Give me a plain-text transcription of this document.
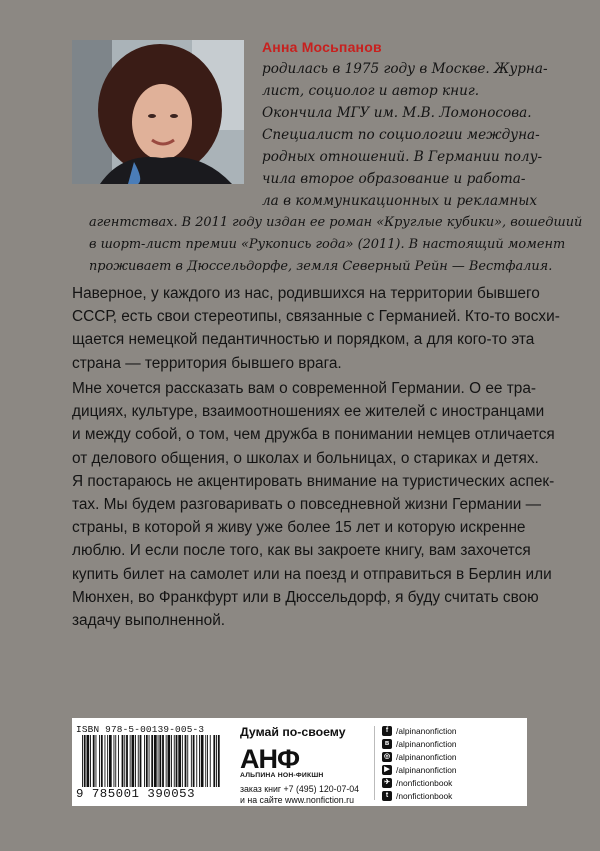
Анна Мосьпанов
родилась в 1975 году в Москве. Журна-
лист, социолог и автор книг.
Окончила МГУ им. М.В. Ломоносова.
Специалист по социологии междуна-
родных отношений. В Германии полу-
чила второе образование и работа-
ла в коммуникационных и рекламных
агентствах. В 2011 году издан ее роман «Круглые кубики», вошедший
в шорт-лист премии «Рукопись года» (2011). В настоящий момент
проживает в Дюссельдорфе, земля Северный Рейн — Вестфалия.
Наверное, у каждого из нас, родившихся на территории бывшего
СССР, есть свои стереотипы, связанные с Германией. Кто-то восхи-
щается немецкой педантичностью и порядком, а для кого-то эта
страна — территория бывшего врага.
Мне хочется рассказать вам о современной Германии. О ее тра-
дициях, культуре, взаимоотношениях ее жителей с иностранцами
и между собой, о том, чем дружба в понимании немцев отличается
от делового общения, о школах и больницах, о стариках и детях.
Я постараюсь не акцентировать внимание на туристических аспек-
тах. Мы будем разговаривать о повседневной жизни Германии —
страны, в которой я живу уже более 15 лет и которую искренне
люблю. И если после того, как вы закроете книгу, вам захочется
купить билет на самолет или на поезд и отправиться в Берлин или
Мюнхен, во Франкфурт или в Дюссельдорф, я буду считать свою
задачу выполненной.
ISBN 978-5-00139-005-3
9 785001 390053
Думай по-своему
АНФ
АЛЬПИНА НОН-ФИКШН
заказ книг +7 (495) 120-07-04
и на сайте www.nonfiction.ru
f /alpinanonfiction
в /alpinanonfiction
◎ /alpinanonfiction
▶ /alpinanonfiction
✈ /nonfictionbook
t /nonfictionbook
